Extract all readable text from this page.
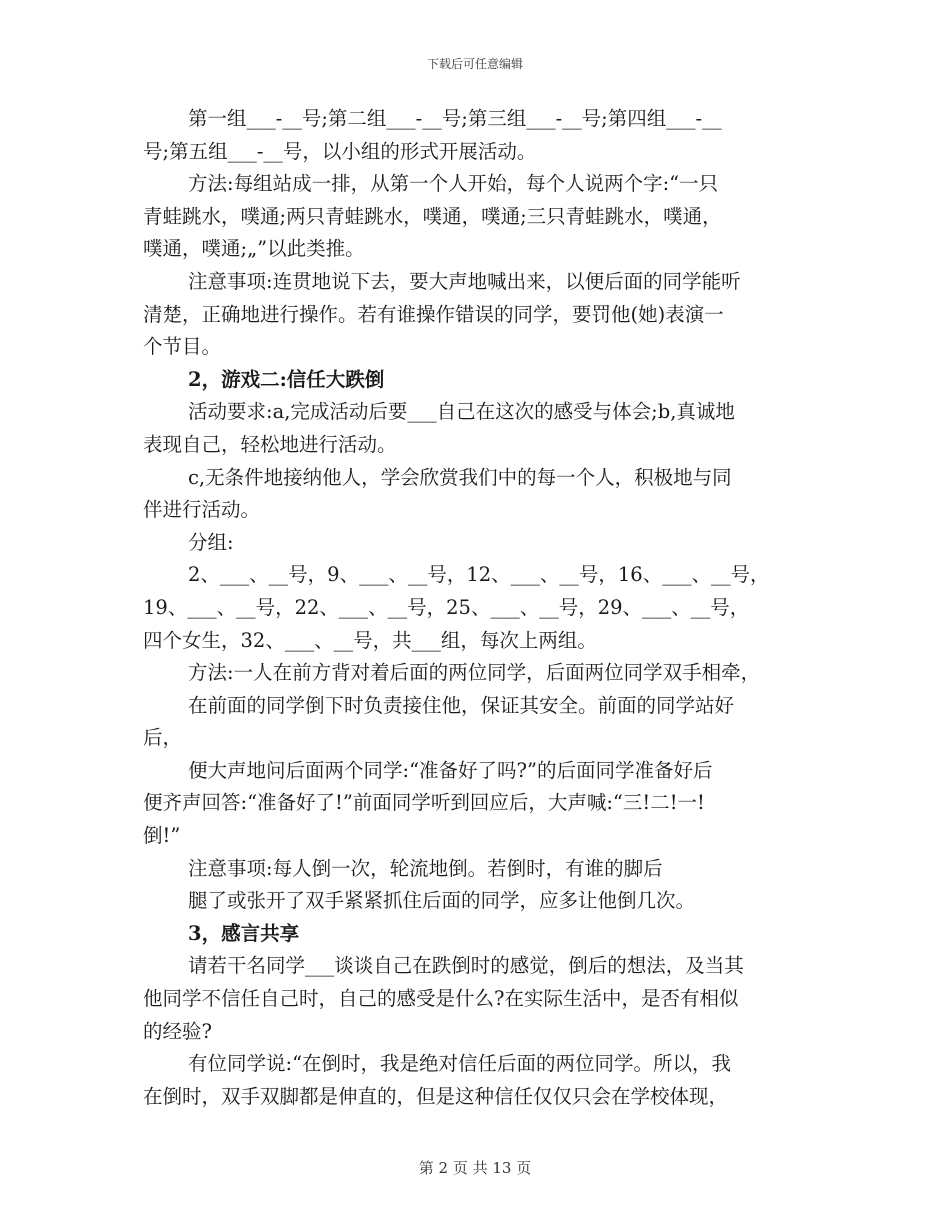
下载后可任意编辑
第一组___-__号;第二组___-__号;第三组___-__号;第四组___-__
号;第五组___-__号，以小组的形式开展活动。
方法:每组站成一排，从第一个人开始，每个人说两个字:“一只
青蛙跳水，噗通;两只青蛙跳水，噗通，噗通;三只青蛙跳水，噗通，
噗通，噗通;„”以此类推。
注意事项:连贯地说下去，要大声地喊出来，以便后面的同学能听
清楚，正确地进行操作。若有谁操作错误的同学，要罚他(她)表演一
个节目。
2，游戏二:信任大跌倒
活动要求:a,完成活动后要___自己在这次的感受与体会;b,真诚地
表现自己，轻松地进行活动。
c,无条件地接纳他人，学会欣赏我们中的每一个人，积极地与同
伴进行活动。
分组:
2、___、__号，9、___、__号，12、___、__号，16、___、__号，
19、___、__号，22、___、__号，25、___、__号，29、___、__号，
四个女生，32、___、__号，共___组，每次上两组。
方法:一人在前方背对着后面的两位同学，后面两位同学双手相牵，
在前面的同学倒下时负责接住他，保证其安全。前面的同学站好
后，
便大声地问后面两个同学:“准备好了吗?”的后面同学准备好后
便齐声回答:“准备好了!”前面同学听到回应后，大声喊:“三!二!一!
倒!”
注意事项:每人倒一次，轮流地倒。若倒时，有谁的脚后
腿了或张开了双手紧紧抓住后面的同学，应多让他倒几次。
3，感言共享
请若干名同学___谈谈自己在跌倒时的感觉，倒后的想法，及当其
他同学不信任自己时，自己的感受是什么?在实际生活中，是否有相似
的经验?
有位同学说:“在倒时，我是绝对信任后面的两位同学。所以，我
在倒时，双手双脚都是伸直的，但是这种信任仅仅只会在学校体现，
第 2 页 共 13 页
